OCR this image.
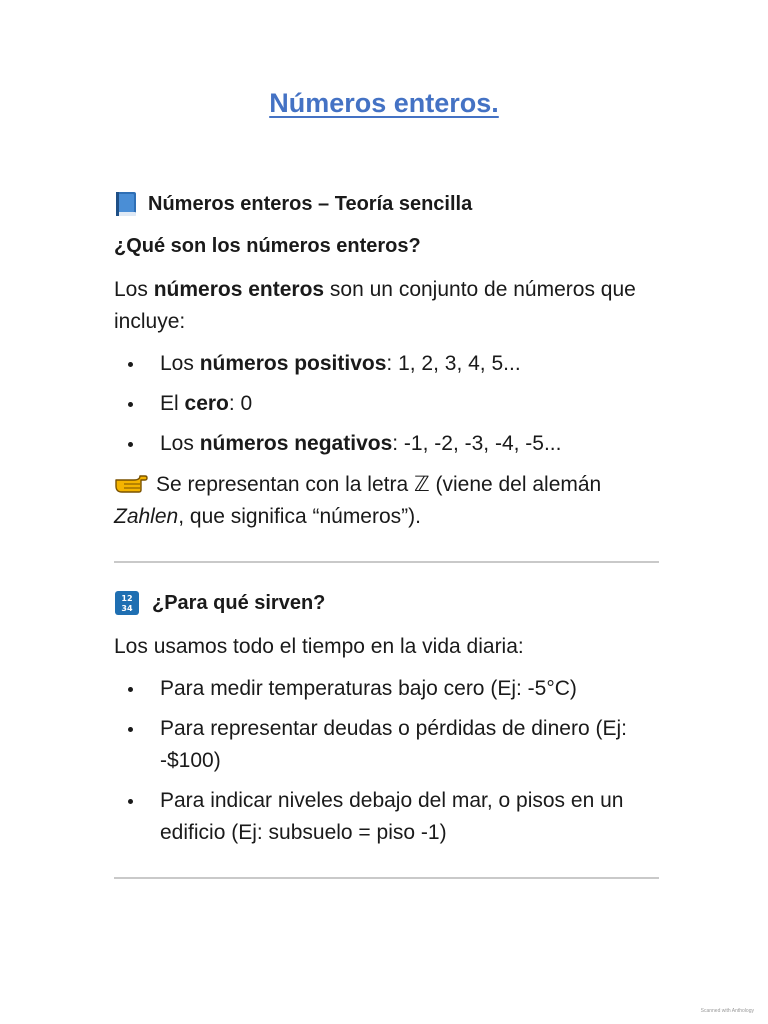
Números enteros.
Números enteros – Teoría sencilla
¿Qué son los números enteros?
Los números enteros son un conjunto de números que incluye:
Los números positivos: 1, 2, 3, 4, 5...
El cero: 0
Los números negativos: -1, -2, -3, -4, -5...
Se representan con la letra ℤ (viene del alemán Zahlen, que significa “números”).
12
34 ¿Para qué sirven?
Los usamos todo el tiempo en la vida diaria:
Para medir temperaturas bajo cero (Ej: -5°C)
Para representar deudas o pérdidas de dinero (Ej: -$100)
Para indicar niveles debajo del mar, o pisos en un edificio (Ej: subsuelo = piso -1)
Scanned with Anthology
